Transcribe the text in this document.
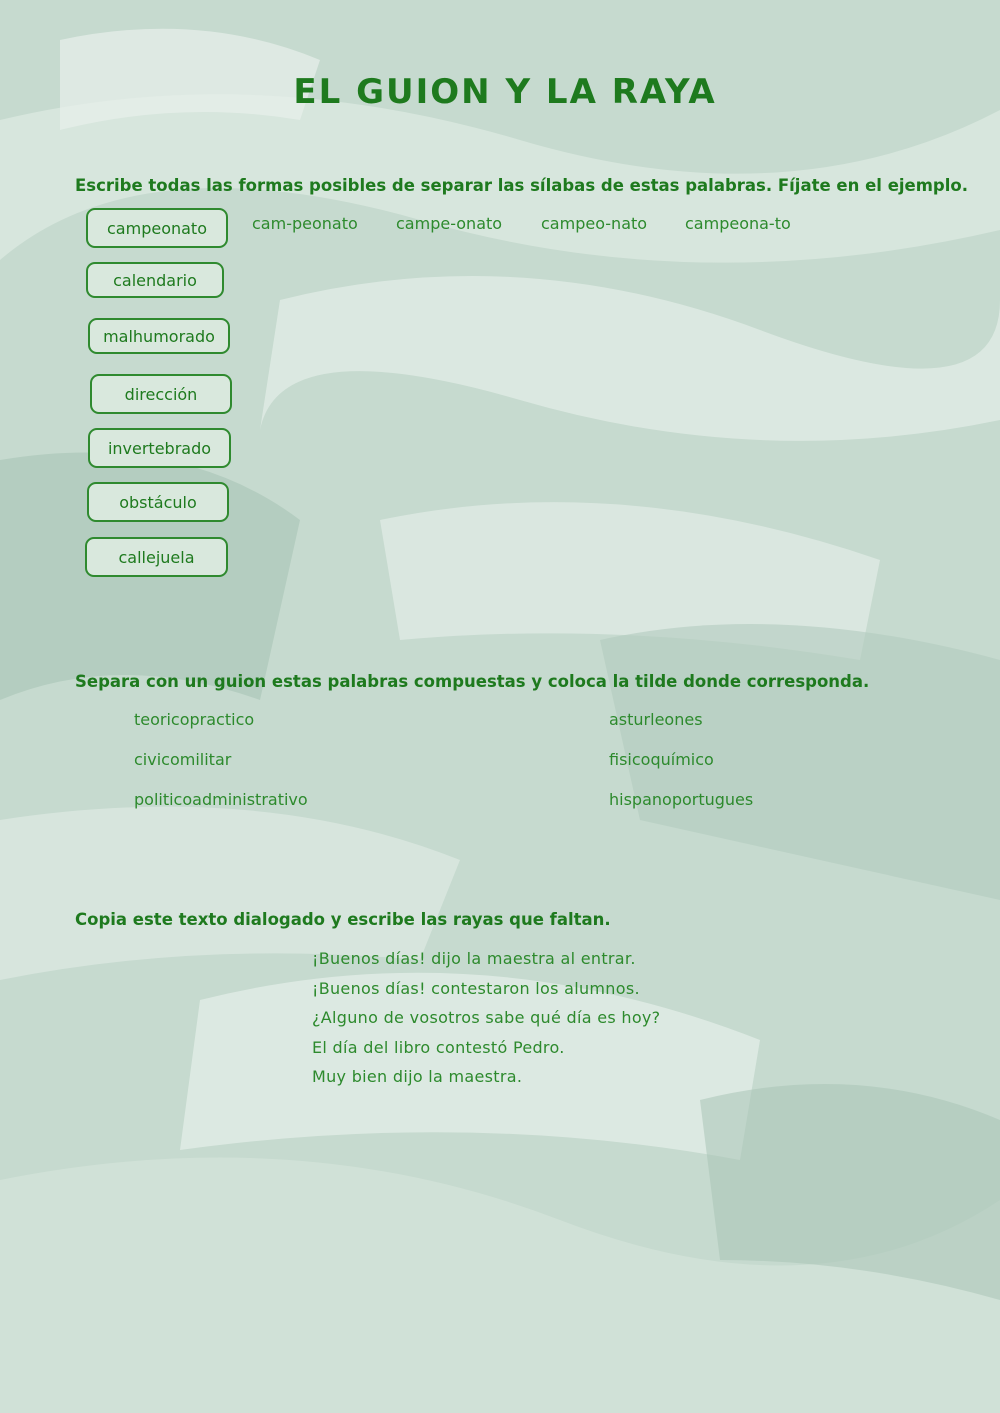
EL GUION Y LA RAYA
Escribe todas las formas posibles de separar las sílabas de estas palabras. Fíjate en el ejemplo.
campeonato
calendario
malhumorado
dirección
invertebrado
obstáculo
callejuela
cam-peonato campe-onato campeo-nato campeona-to
Separa con un guion estas palabras compuestas y coloca la tilde donde corresponda.
teoricopractico
civicomilitar
politicoadministrativo
asturleones
fisicoquímico
hispanoportugues
Copia este texto dialogado y escribe las rayas que faltan.
¡Buenos días! dijo la maestra al entrar.
¡Buenos días! contestaron los alumnos.
¿Alguno de vosotros sabe qué día es hoy?
El día del libro contestó Pedro.
Muy bien dijo la maestra.
